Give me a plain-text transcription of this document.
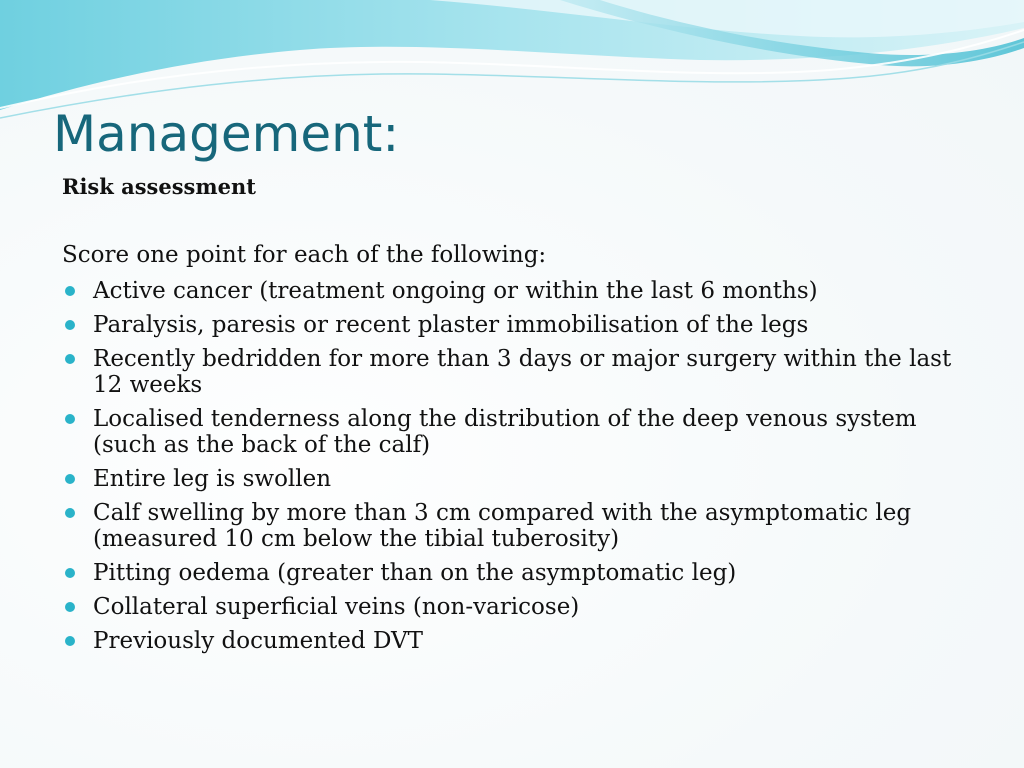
Management:

Risk assessment

Score one point for each of the following:

Active cancer (treatment ongoing or within the last 6 months)
Paralysis, paresis or recent plaster immobilisation of the legs
Recently bedridden for more than 3 days or major surgery within the last 12 weeks
Localised tenderness along the distribution of the deep venous system (such as the back of the calf)
Entire leg is swollen
Calf swelling by more than 3 cm compared with the asymptomatic leg (measured 10 cm below the tibial tuberosity)
Pitting oedema (greater than on the asymptomatic leg)
Collateral superficial veins (non-varicose)
Previously documented DVT
